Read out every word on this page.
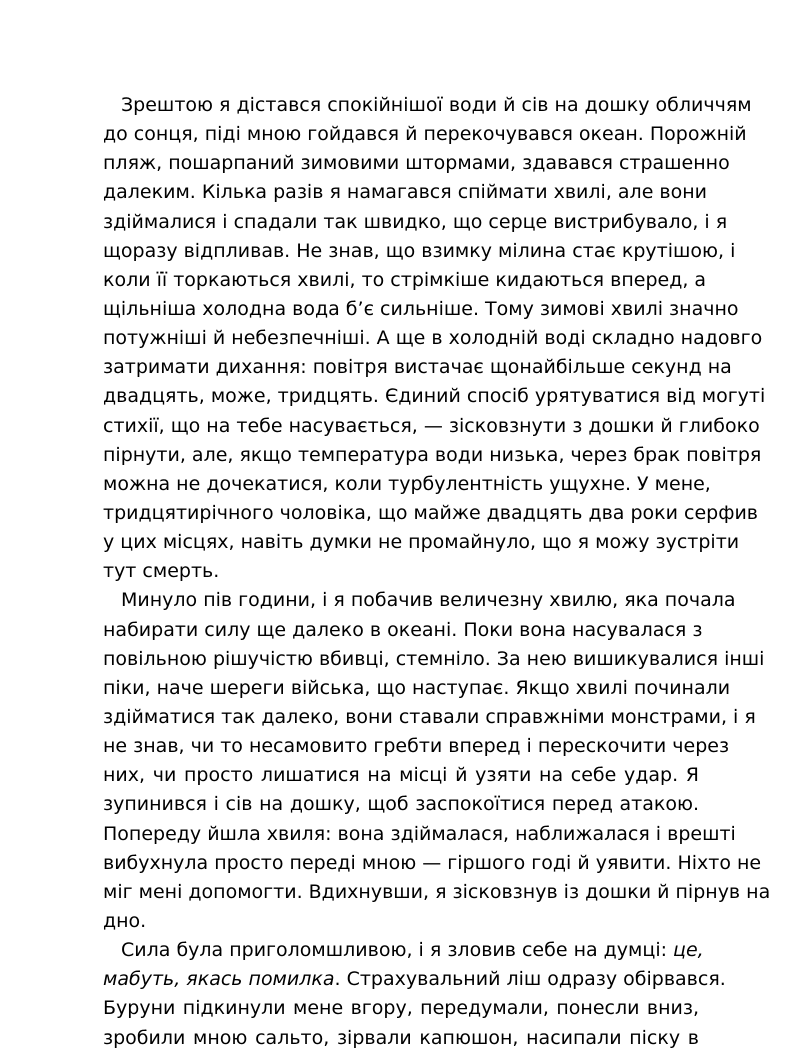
Зрештою я дістався спокійнішої води й сів на дошку обличчям
до сонця, піді мною гойдався й перекочувався океан. Порожній
пляж, пошарпаний зимовими штормами, здавався страшенно
далеким. Кілька разів я намагався спіймати хвилі, але вони
здіймалися і спадали так швидко, що серце вистрибувало, і я
щоразу відпливав. Не знав, що взимку мілина стає крутішою, і
коли її торкаються хвилі, то стрімкіше кидаються вперед, а
щільніша холодна вода б’є сильніше. Тому зимові хвилі значно
потужніші й небезпечніші. А ще в холодній воді складно надовго
затримати дихання: повітря вистачає щонайбільше секунд на
двадцять, може, тридцять. Єдиний спосіб урятуватися від могуті
стихії, що на тебе насувається, — зісковзнути з дошки й глибоко
пірнути, але, якщо температура води низька, через брак повітря
можна не дочекатися, коли турбулентність ущухне. У мене,
тридцятирічного чоловіка, що майже двадцять два роки серфив
у цих місцях, навіть думки не промайнуло, що я можу зустріти
тут смерть.
Минуло пів години, і я побачив величезну хвилю, яка почала
набирати силу ще далеко в океані. Поки вона насувалася з
повільною рішучістю вбивці, стемніло. За нею вишикувалися інші
піки, наче шереги війська, що наступає. Якщо хвилі починали
здійматися так далеко, вони ставали справжніми монстрами, і я
не знав, чи то несамовито гребти вперед і перескочити через
них, чи просто лишатися на місці й узяти на себе удар. Я
зупинився і сів на дошку, щоб заспокоїтися перед атакою.
Попереду йшла хвиля: вона здіймалася, наближалася і врешті
вибухнула просто переді мною — гіршого годі й уявити. Ніхто не
міг мені допомогти. Вдихнувши, я зісковзнув із дошки й пірнув на
дно.
Сила була приголомшливою, і я зловив себе на думці: це,
мабуть, якась помилка. Страхувальний ліш одразу обірвався.
Буруни підкинули мене вгору, передумали, понесли вниз,
зробили мною сальто, зірвали капюшон, насипали піску в
